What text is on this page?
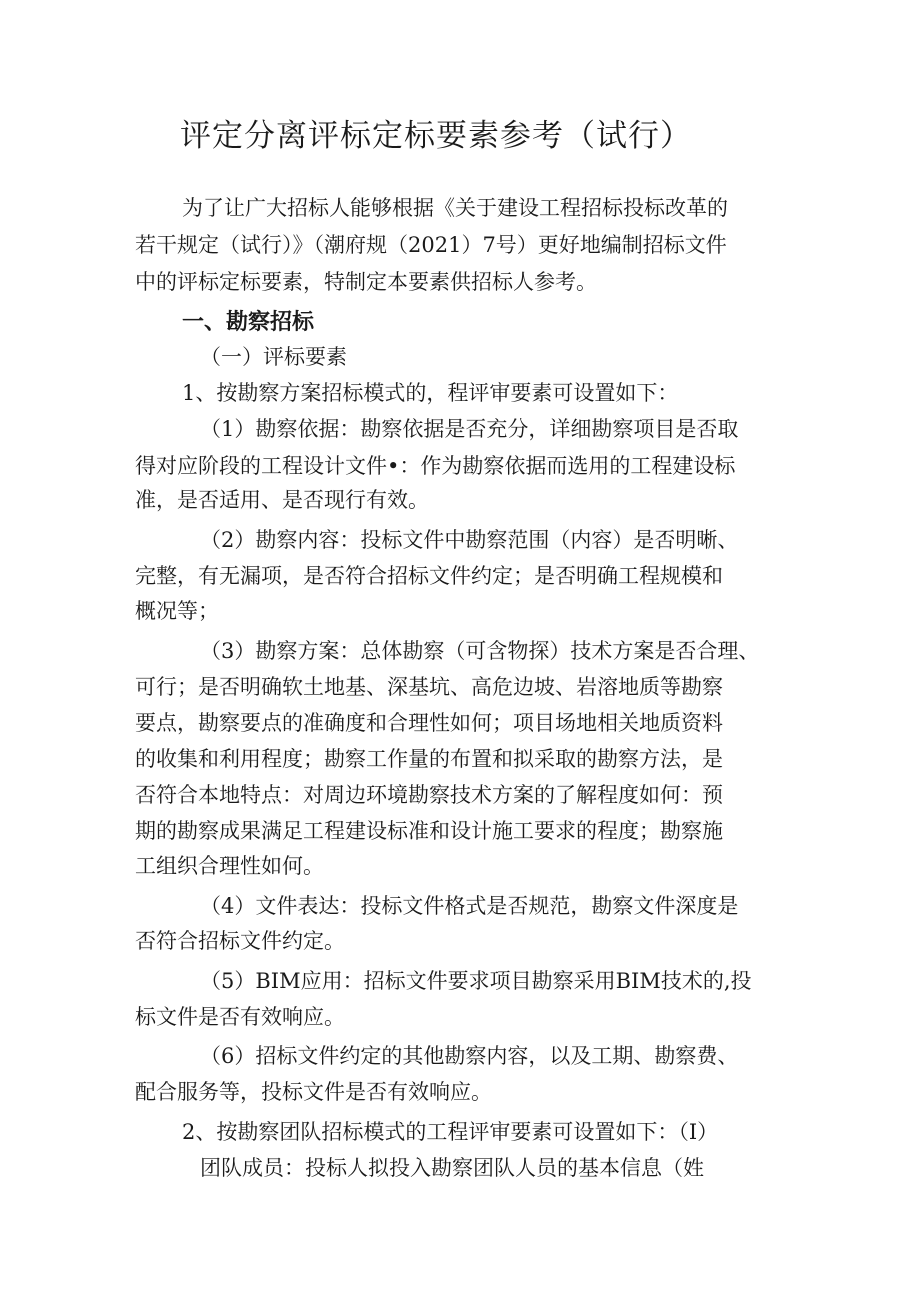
评定分离评标定标要素参考（试行）
为了让广大招标人能够根据《关于建设工程招标投标改革的
若干规定（试行）》（潮府规（2021）7号）更好地编制招标文件
中的评标定标要素，特制定本要素供招标人参考。
一、勘察招标
（一）评标要素
1、按勘察方案招标模式的，程评审要素可设置如下：
（1）勘察依据：勘察依据是否充分，详细勘察项目是否取
得对应阶段的工程设计文件•：作为勘察依据而选用的工程建设标
准，是否适用、是否现行有效。
（2）勘察内容：投标文件中勘察范围（内容）是否明晰、
完整，有无漏项，是否符合招标文件约定；是否明确工程规模和
概况等；
（3）勘察方案：总体勘察（可含物探）技术方案是否合理、
可行；是否明确软土地基、深基坑、高危边坡、岩溶地质等勘察
要点，勘察要点的准确度和合理性如何；项目场地相关地质资料
的收集和利用程度；勘察工作量的布置和拟采取的勘察方法，是
否符合本地特点：对周边环境勘察技术方案的了解程度如何：预
期的勘察成果满足工程建设标准和设计施工要求的程度；勘察施
工组织合理性如何。
（4）文件表达：投标文件格式是否规范，勘察文件深度是
否符合招标文件约定。
（5）BIM应用：招标文件要求项目勘察采用BIM技术的,投
标文件是否有效响应。
（6）招标文件约定的其他勘察内容，以及工期、勘察费、
配合服务等，投标文件是否有效响应。
2、按勘察团队招标模式的工程评审要素可设置如下：（I）
团队成员：投标人拟投入勘察团队人员的基本信息（姓
